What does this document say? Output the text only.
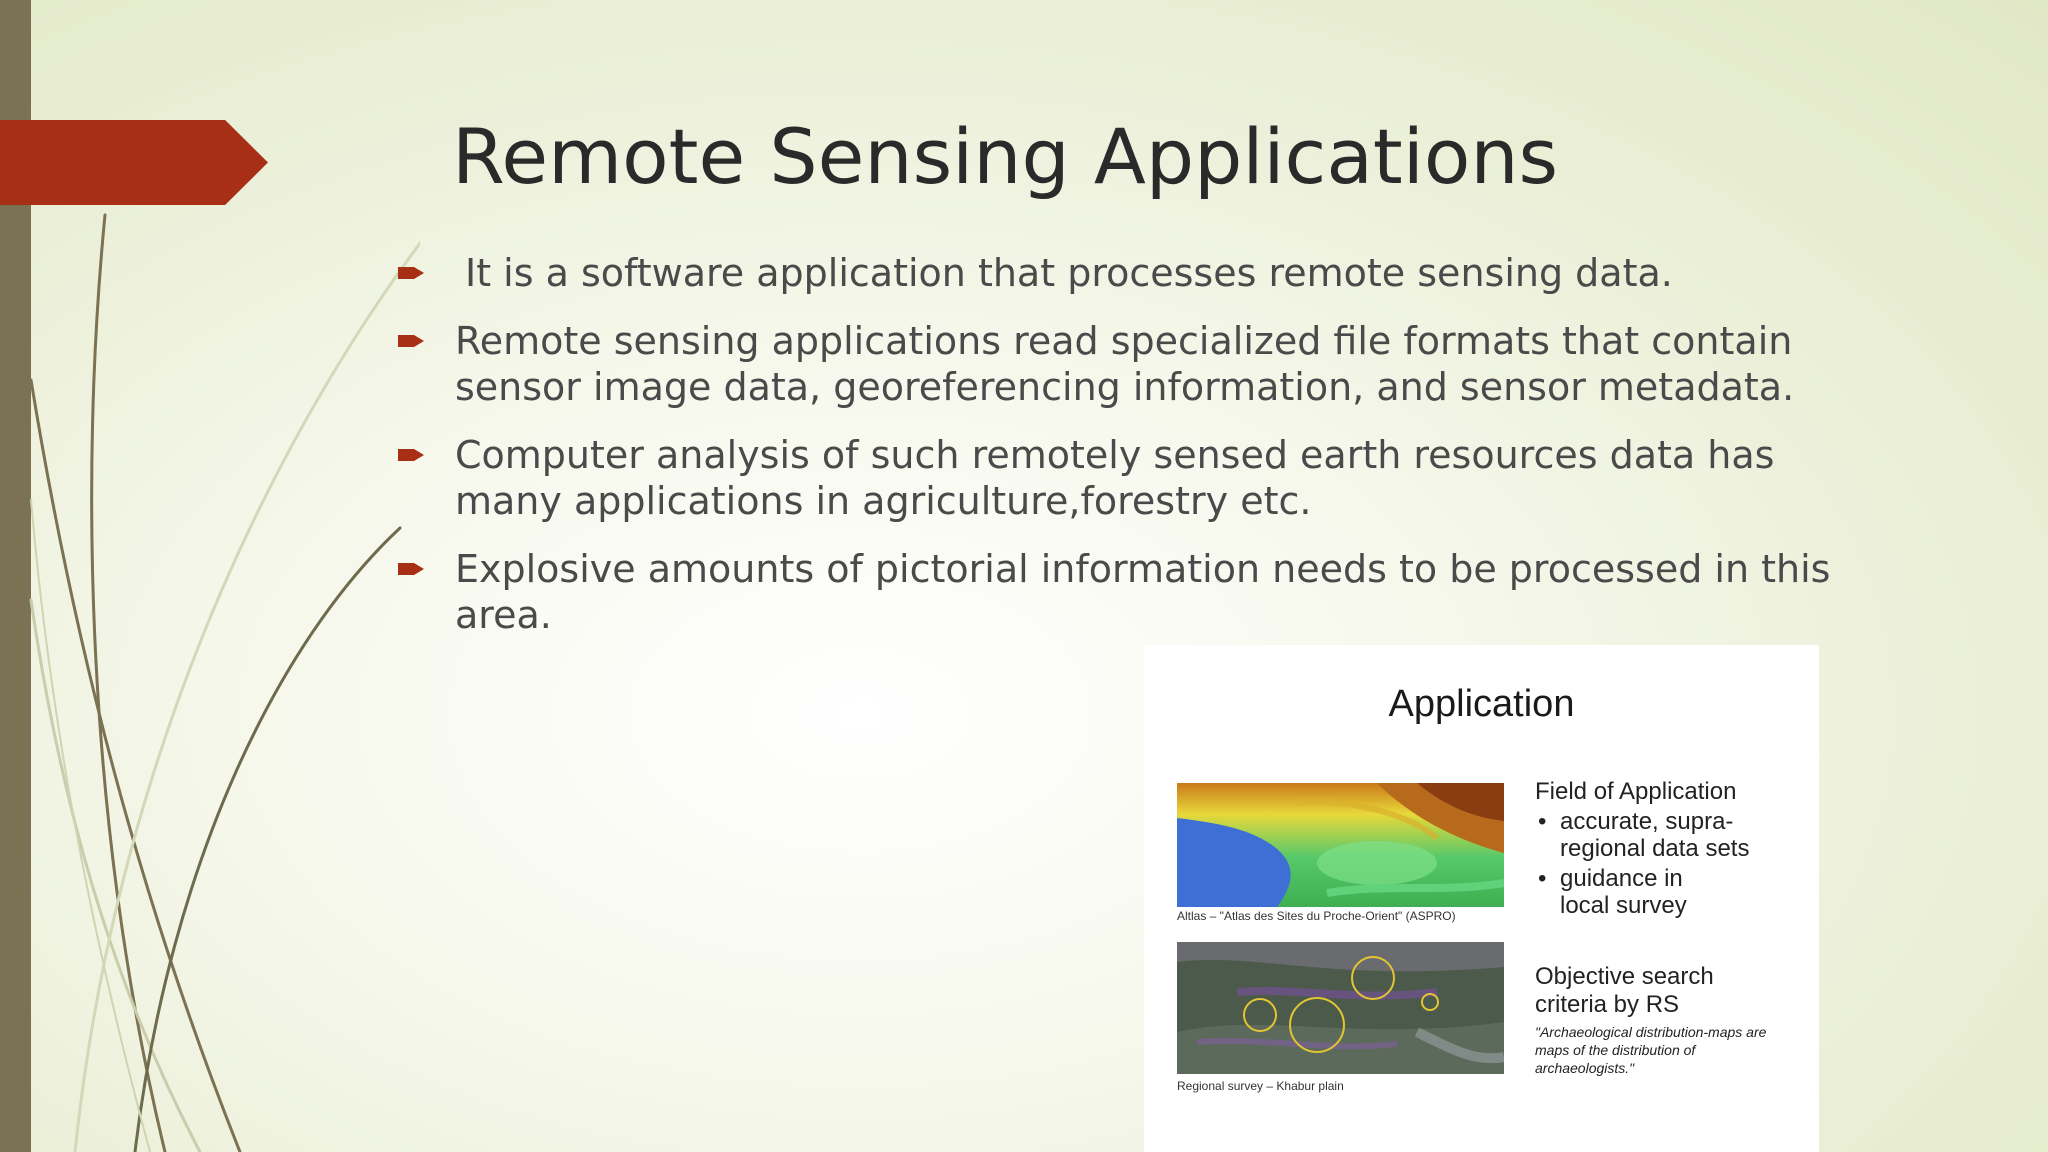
Remote Sensing Applications
It is a software application that processes remote sensing data.
Remote sensing applications read specialized file formats that contain sensor image data, georeferencing information, and sensor metadata.
Computer analysis of such remotely sensed earth resources data has many applications in agriculture,forestry etc.
Explosive amounts of pictorial information needs to be processed in this area.
Application
Altlas – "Atlas des Sites du Proche-Orient" (ASPRO)
Regional survey – Khabur plain
Field of Application
• accurate, supra-regional data sets
• guidance in local survey
Objective search criteria by RS
"Archaeological distribution-maps are maps of the distribution of archaeologists."
